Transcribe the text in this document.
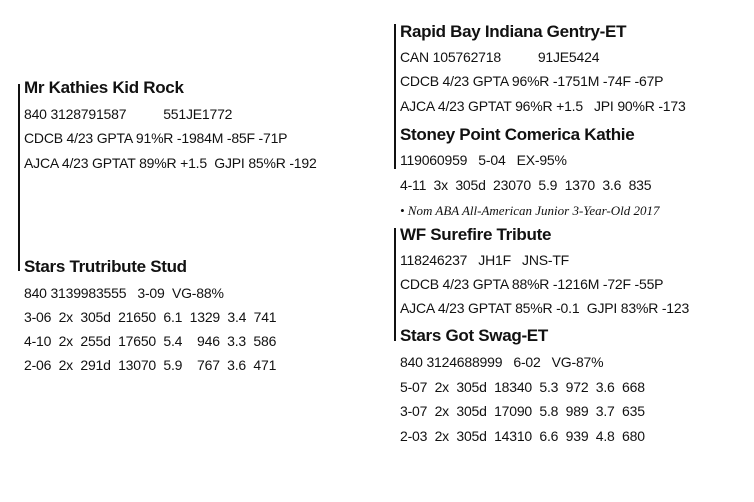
Mr Kathies Kid Rock
840 3128791587          551JE1772
CDCB 4/23 GPTA 91%R -1984M -85F -71P
AJCA 4/23 GPTAT 89%R +1.5  GJPI 85%R -192
Stars Trutribute Stud
840 3139983555   3-09  VG-88%
3-06  2x  305d  21650  6.1  1329  3.4  741
4-10  2x  255d  17650  5.4    946  3.3  586
2-06  2x  291d  13070  5.9    767  3.6  471
Rapid Bay Indiana Gentry-ET
CAN 105762718          91JE5424
CDCB 4/23 GPTA 96%R -1751M -74F -67P
AJCA 4/23 GPTAT 96%R +1.5   JPI 90%R -173
Stoney Point Comerica Kathie
119060959   5-04   EX-95%
4-11  3x  305d  23070  5.9  1370  3.6  835
• Nom ABA All-American Junior 3-Year-Old 2017
WF Surefire Tribute
118246237   JH1F   JNS-TF
CDCB 4/23 GPTA 88%R -1216M -72F -55P
AJCA 4/23 GPTAT 85%R -0.1  GJPI 83%R -123
Stars Got Swag-ET
840 3124688999   6-02   VG-87%
5-07  2x  305d  18340  5.3  972  3.6  668
3-07  2x  305d  17090  5.8  989  3.7  635
2-03  2x  305d  14310  6.6  939  4.8  680
